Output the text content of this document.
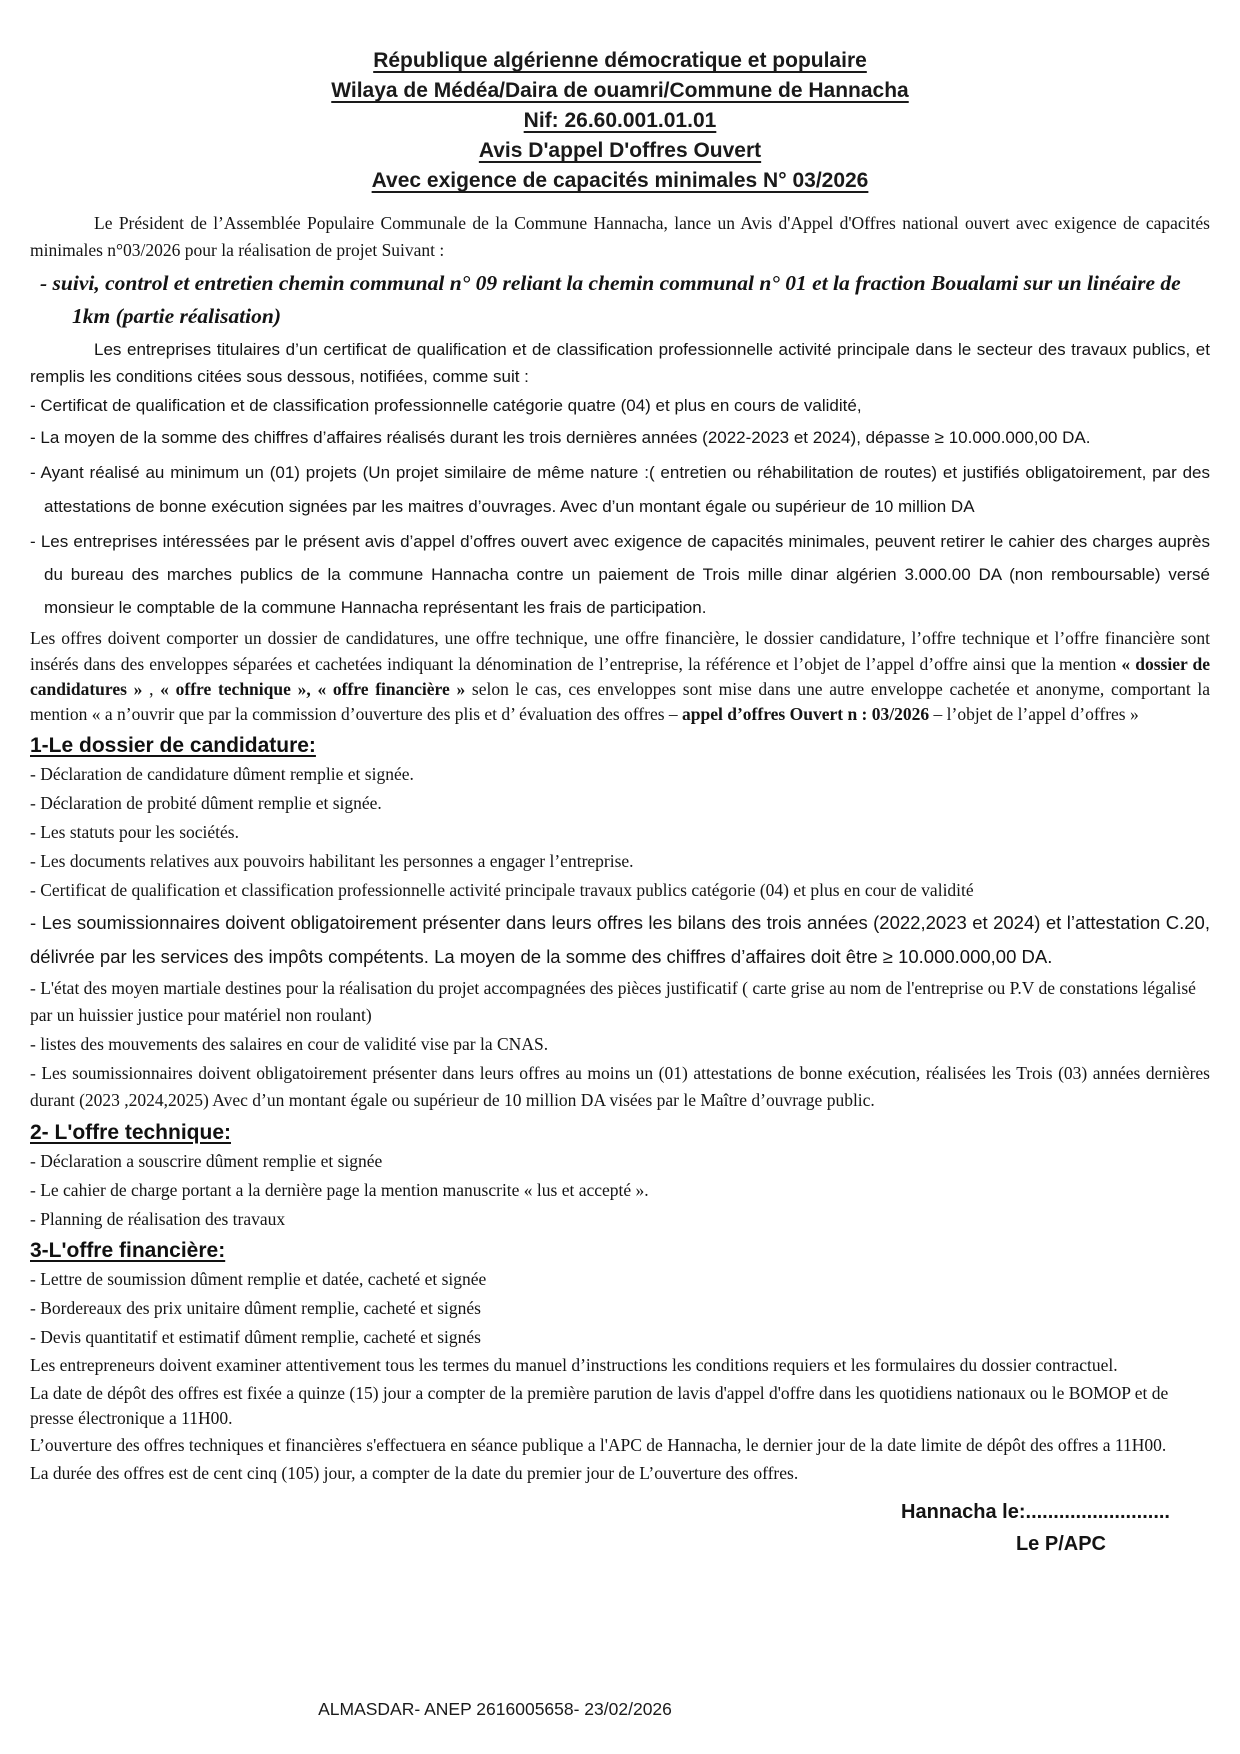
République algérienne démocratique et populaire
Wilaya de Médéa/Daira de ouamri/Commune de Hannacha
Nif: 26.60.001.01.01
Avis D'appel D'offres Ouvert
Avec exigence de capacités minimales N° 03/2026
Le Président de l’Assemblée Populaire Communale de la Commune Hannacha, lance un Avis d'Appel d'Offres national ouvert avec exigence de capacités minimales n°03/2026 pour la réalisation de projet Suivant :
- suivi, control et entretien chemin communal n° 09 reliant la chemin communal n° 01 et la fraction Boualami sur un linéaire de 1km (partie réalisation)
Les entreprises titulaires d’un certificat de qualification et de classification professionnelle activité principale dans le secteur des travaux publics, et remplis les conditions citées sous dessous, notifiées, comme suit :
- Certificat de qualification et de classification professionnelle catégorie quatre (04) et plus en cours de validité,
- La moyen de la somme des chiffres d’affaires réalisés durant les trois dernières années (2022-2023 et 2024), dépasse ≥ 10.000.000,00 DA.
- Ayant réalisé au minimum un (01) projets (Un projet similaire de même nature :( entretien ou réhabilitation de routes) et justifiés obligatoirement, par des attestations de bonne exécution signées par les maitres d’ouvrages. Avec d’un montant égale ou supérieur de 10 million DA
- Les entreprises intéressées par le présent avis d’appel d’offres ouvert avec exigence de capacités minimales, peuvent retirer le cahier des charges auprès du bureau des marches publics de la commune Hannacha contre un paiement de Trois mille dinar algérien 3.000.00 DA (non remboursable) versé monsieur le comptable de la commune Hannacha représentant les frais de participation.
Les offres doivent comporter un dossier de candidatures, une offre technique, une offre financière, le dossier candidature, l’offre technique et l’offre financière sont insérés dans des enveloppes séparées et cachetées indiquant la dénomination de l’entreprise, la référence et l’objet de l’appel d’offre ainsi que la mention « dossier de candidatures » , « offre technique », « offre financière » selon le cas, ces enveloppes sont mise dans une autre enveloppe cachetée et anonyme, comportant la mention « a n’ouvrir que par la commission d’ouverture des plis et d’ évaluation des offres – appel d’offres Ouvert n : 03/2026 – l’objet de l’appel d’offres »
1-Le dossier de candidature:
- Déclaration de candidature dûment remplie et signée.
- Déclaration de probité dûment remplie et signée.
- Les statuts pour les sociétés.
- Les documents relatives aux pouvoirs habilitant les personnes a engager l’entreprise.
- Certificat de qualification et classification professionnelle activité principale travaux publics catégorie (04) et plus en cour de validité
- Les soumissionnaires doivent obligatoirement présenter dans leurs offres les bilans des trois années (2022,2023 et 2024) et l’attestation C.20, délivrée par les services des impôts compétents. La moyen de la somme des chiffres d’affaires doit être ≥ 10.000.000,00 DA.
- L'état des moyen martiale destines pour la réalisation du projet accompagnées des pièces justificatif ( carte grise au nom de l'entreprise ou P.V de constations légalisé par un huissier justice pour matériel non roulant)
- listes des mouvements des salaires en cour de validité vise par la CNAS.
- Les soumissionnaires doivent obligatoirement présenter dans leurs offres au moins un (01) attestations de bonne exécution, réalisées les Trois (03) années dernières durant (2023 ,2024,2025) Avec d’un montant égale ou supérieur de 10 million DA visées par le Maître d’ouvrage public.
2- L'offre technique:
- Déclaration a souscrire dûment remplie et signée
- Le cahier de charge portant a la dernière page la mention manuscrite « lus et accepté ».
- Planning de réalisation des travaux
3-L'offre financière:
- Lettre de soumission dûment remplie et datée, cacheté et signée
- Bordereaux des prix unitaire dûment remplie, cacheté et signés
- Devis quantitatif et estimatif dûment remplie, cacheté et signés
Les entrepreneurs doivent examiner attentivement tous les termes du manuel d’instructions les conditions requiers et les formulaires du dossier contractuel.
La date de dépôt des offres est fixée a quinze (15) jour a compter de la première parution de lavis d'appel d'offre dans les quotidiens nationaux ou le BOMOP et de presse électronique a 11H00.
L’ouverture des offres techniques et financières s'effectuera en séance publique a l'APC de Hannacha, le dernier jour de la date limite de dépôt des offres a 11H00.
La durée des offres est de cent cinq (105) jour, a compter de la date du premier jour de L’ouverture des offres.
Hannacha le:..........................
Le P/APC
ALMASDAR- ANEP 2616005658- 23/02/2026
